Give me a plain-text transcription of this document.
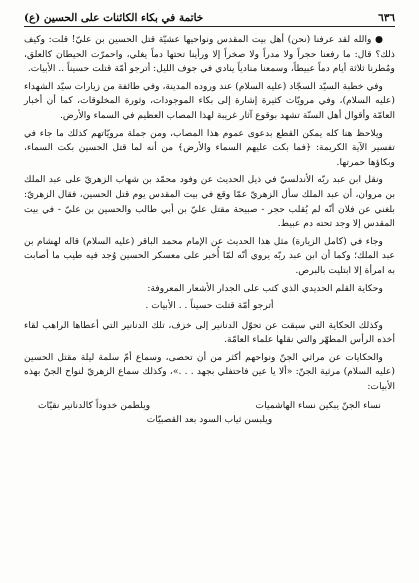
٦٣٦
خاتمة في بكاء الكائنات على الحسين (ع)

● والله لقد عرفنا (نحن) أهل بيت المقدس ونواحيها عشيّة قتل الحسين بن عليّ! قلت: وكيف ذلك؟ قال: ما رفعنا حجراً ولا مدراً ولا صخراً إلا ورأينا تحتها دماً يغلي، واحمرّت الحيطان كالعلق، ومُطرنا ثلاثة أيام دماً عبيطاً، وسمعنا منادياً ينادي في جوف الليل: أترجو أمّة قتلت حسيناً .. الأبيات.

وفي خطبة السيّد السجّاد (عليه السلام) عند وروده المدينة، وفي طائفة من زيارات سيّد الشهداء (عليه السلام)، وفي مرويّات كثيرة إشارة إلى بكاء الموجودات، وثورة المخلوقات، كما أن أخبار العامّة وأقوال أهل السنّة تشهد بوقوع آثار غريبة لهذا المصاب العظيم في السماء والأرض.

ويلاحظ هنا كله يمكن القطع بدعوى عموم هذا المصاب، ومن جملة مرويّاتهم كذلك ما جاء في تفسير الآية الكريمة: ﴿فما بكت عليهم السماء والأرض﴾ من أنه لما قتل الحسين بكت السماء، وبكاؤها حمرتها.

ونقل ابن عبد ربّه الأندلسيّ في ذيل الحديث عن وفود محمّد بن شهاب الزهريّ على عبد الملك بن مروان، أن عبد الملك سأل الزهريّ عمّا وقع في بيت المقدس يوم قتل الحسين، فقال الزهريّ: بلغني عن فلان أنّه لم يُقلب حجر - صبيحة مقتل عليّ بن أبي طالب والحسين بن عليّ - في بيت المقدس إلا وجد تحته دم عبيط.

وجاء في (كامل الزيارة) مثل هذا الحديث عن الإمام محمد الباقر (عليه السلام) قاله لهشام بن عبد الملك؛ وكما أن ابن عبد ربّه يروي أنّه لمّا أُخبر على معسكر الحسين وُجد فيه طيب ما أصابت به امرأة إلا ابتليت بالبرص.

وحكاية القلم الحديدي الذي كتب على الجدار الأشعار المعروفة:

أترجو أمّة قتلت حسيناً . . الأبيات .

وكذلك الحكاية التي سبقت عن تحوّل الدنانير إلى خزف، تلك الدنانير التي أعطاها الراهب لقاء أخذه الرأس المطهّر والتي نقلها علماء العامّة.

والحكايات عن مراثي الجنّ ونواحهم أكثر من أن تحصى، وسماع أمّ سلمة ليلة مقتل الحسين (عليه السلام) مرثية الجنّ: «ألا يا عين فاحتفلي بجهد . . .»، وكذلك سماع الزهريّ لنواح الجنّ بهذه الأبيات:

نساء الجنّ يبكين نساء الهاشميات
ويلطمن خدوداً كالدنانير نقيّات
ويلبسن ثياب السود بعد القصبيّات
